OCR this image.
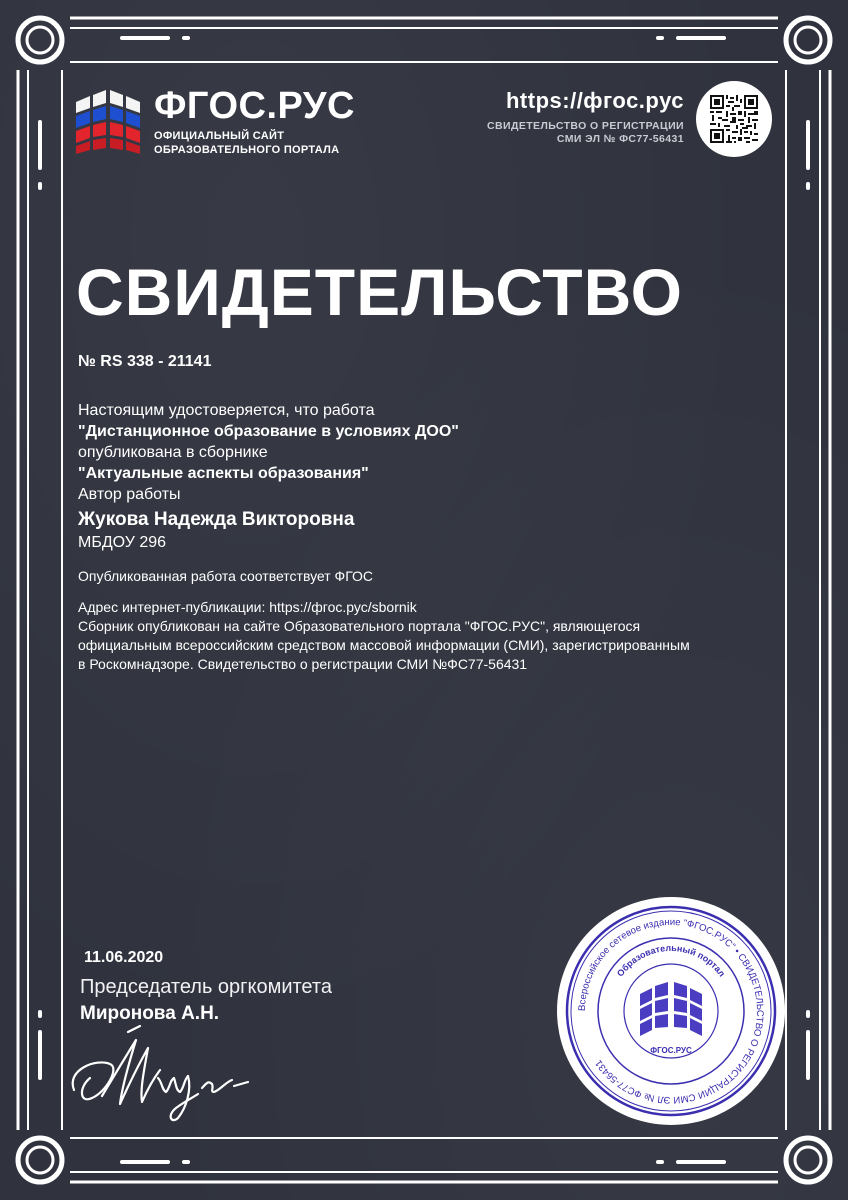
ФГОС.РУС
ОФИЦИАЛЬНЫЙ САЙТ
ОБРАЗОВАТЕЛЬНОГО ПОРТАЛА
https://фгос.рус
СВИДЕТЕЛЬСТВО О РЕГИСТРАЦИИ
СМИ ЭЛ № ФС77-56431
СВИДЕТЕЛЬСТВО
№ RS 338 - 21141
Настоящим удостоверяется, что работа
"Дистанционное образование в условиях ДОО"
опубликована в сборнике
"Актуальные аспекты образования"
Автор работы
Жукова Надежда Викторовна
МБДОУ 296
Опубликованная работа соответствует ФГОС
Адрес интернет-публикации: https://фгос.рус/sbornik
Сборник опубликован на сайте Образовательного портала "ФГОС.РУС", являющегося
официальным всероссийским средством массовой информации (СМИ), зарегистрированным
в Роскомнадзоре. Свидетельство о регистрации СМИ №ФС77-56431
11.06.2020
Председатель оргкомитета
Миронова А.Н.	Всероссийское сетевое издание "ФГОС.РУС" • СВИДЕТЕЛЬСТВО О РЕГИСТРАЦИИ СМИ ЭЛ № ФС77-56431
Образовательный портал
ФГОС.РУС
